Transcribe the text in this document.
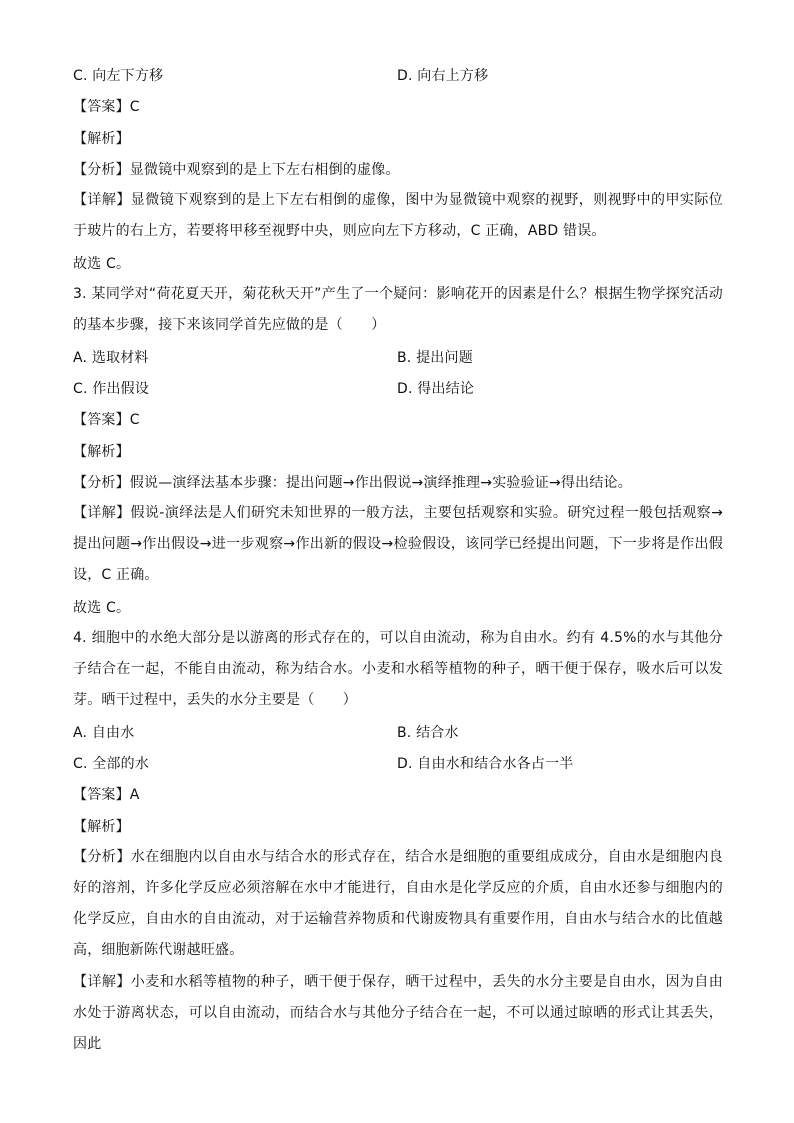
C. 向左下方移	D. 向右上方移
【答案】C
【解析】
【分析】显微镜中观察到的是上下左右相倒的虚像。
【详解】显微镜下观察到的是上下左右相倒的虚像，图中为显微镜中观察的视野，则视野中的甲实际位于玻片的右上方，若要将甲移至视野中央，则应向左下方移动，C 正确，ABD 错误。
故选 C。
3. 某同学对“荷花夏天开，菊花秋天开”产生了一个疑问：影响花开的因素是什么？根据生物学探究活动的基本步骤，接下来该同学首先应做的是（　　）
A. 选取材料	B. 提出问题
C. 作出假设	D. 得出结论
【答案】C
【解析】
【分析】假说—演绎法基本步骤：提出问题→作出假说→演绎推理→实验验证→得出结论。
【详解】假说-演绎法是人们研究未知世界的一般方法，主要包括观察和实验。研究过程一般包括观察→提出问题→作出假设→进一步观察→作出新的假设→检验假设，该同学已经提出问题，下一步将是作出假设，C 正确。
故选 C。
4. 细胞中的水绝大部分是以游离的形式存在的，可以自由流动，称为自由水。约有 4.5%的水与其他分子结合在一起，不能自由流动，称为结合水。小麦和水稻等植物的种子，晒干便于保存，吸水后可以发芽。晒干过程中，丢失的水分主要是（　　）
A. 自由水	B. 结合水
C. 全部的水	D. 自由水和结合水各占一半
【答案】A
【解析】
【分析】水在细胞内以自由水与结合水的形式存在，结合水是细胞的重要组成成分，自由水是细胞内良好的溶剂，许多化学反应必须溶解在水中才能进行，自由水是化学反应的介质，自由水还参与细胞内的化学反应，自由水的自由流动，对于运输营养物质和代谢废物具有重要作用，自由水与结合水的比值越高，细胞新陈代谢越旺盛。
【详解】小麦和水稻等植物的种子，晒干便于保存，晒干过程中，丢失的水分主要是自由水，因为自由水处于游离状态，可以自由流动，而结合水与其他分子结合在一起，不可以通过晾晒的形式让其丢失，因此
